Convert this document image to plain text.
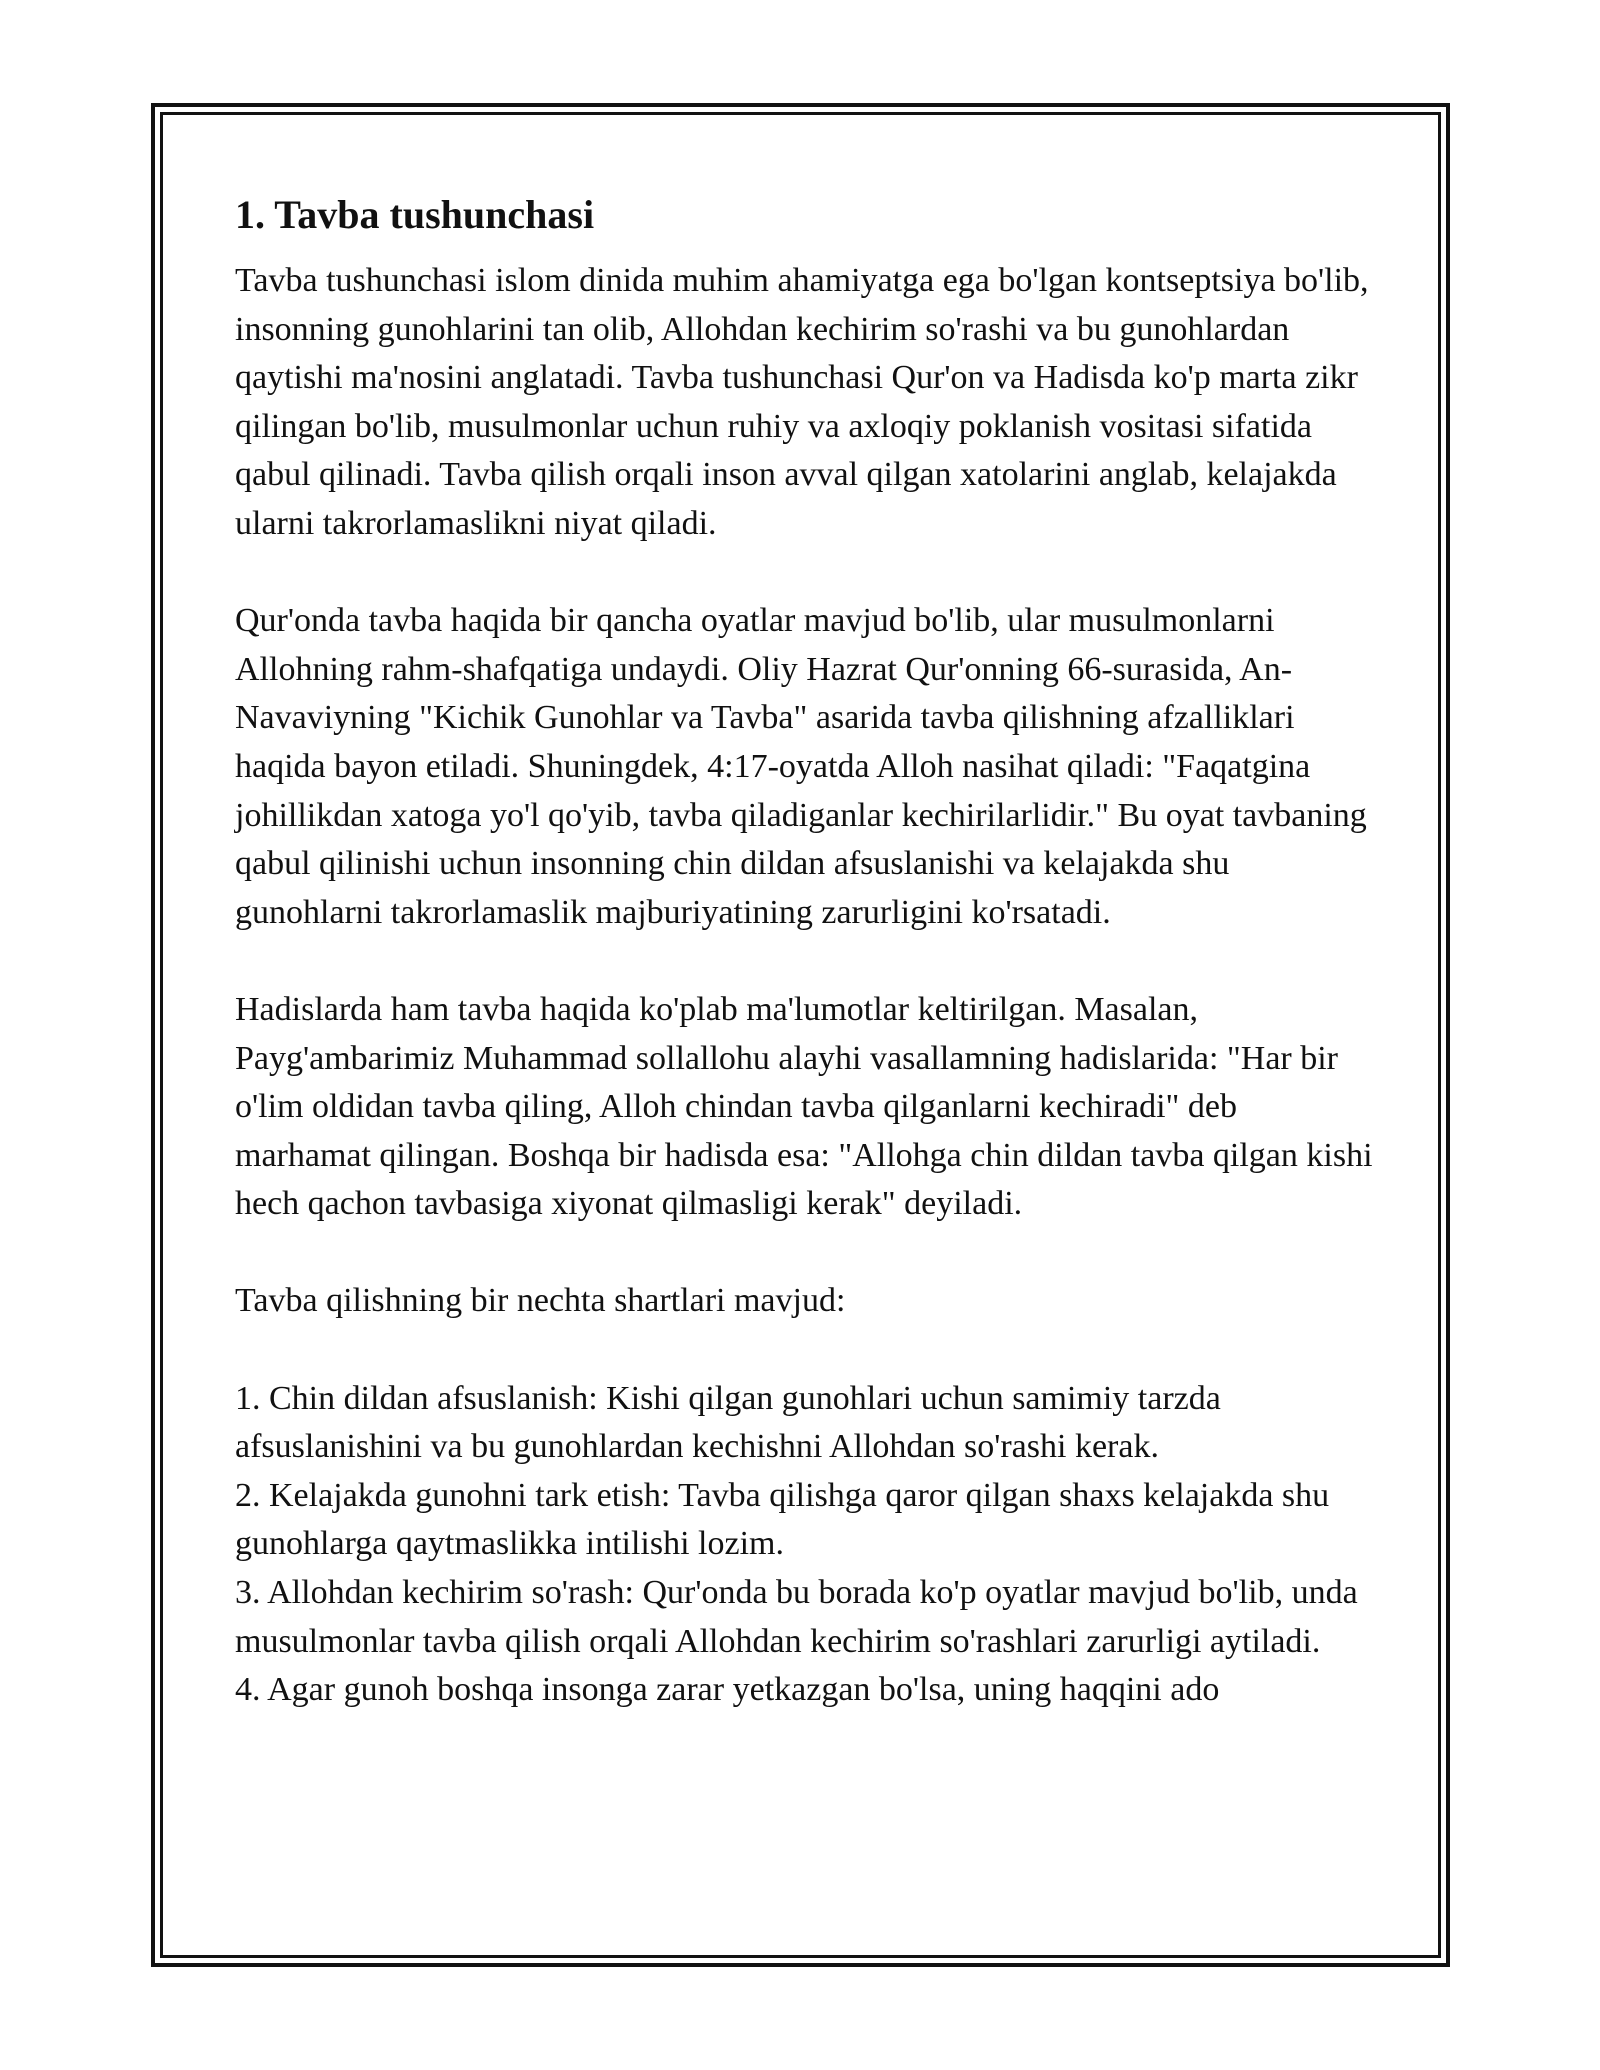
1. Tavba tushunchasi

Tavba tushunchasi islom dinida muhim ahamiyatga ega bo'lgan kontseptsiya bo'lib, insonning gunohlarini tan olib, Allohdan kechirim so'rashi va bu gunohlardan qaytishi ma'nosini anglatadi. Tavba tushunchasi Qur'on va Hadisda ko'p marta zikr qilingan bo'lib, musulmonlar uchun ruhiy va axloqiy poklanish vositasi sifatida qabul qilinadi. Tavba qilish orqali inson avval qilgan xatolarini anglab, kelajakda ularni takrorlamaslikni niyat qiladi.

Qur'onda tavba haqida bir qancha oyatlar mavjud bo'lib, ular musulmonlarni Allohning rahm-shafqatiga undaydi. Oliy Hazrat Qur'onning 66-surasida, An-Navaviyning "Kichik Gunohlar va Tavba" asarida tavba qilishning afzalliklari haqida bayon etiladi. Shuningdek, 4:17-oyatda Alloh nasihat qiladi: "Faqatgina johillikdan xatoga yo'l qo'yib, tavba qiladiganlar kechirilarlidir." Bu oyat tavbaning qabul qilinishi uchun insonning chin dildan afsuslanishi va kelajakda shu gunohlarni takrorlamaslik majburiyatining zarurligini ko'rsatadi.

Hadislarda ham tavba haqida ko'plab ma'lumotlar keltirilgan. Masalan, Payg'ambarimiz Muhammad sollallohu alayhi vasallamning hadislarida: "Har bir o'lim oldidan tavba qiling, Alloh chindan tavba qilganlarni kechiradi" deb marhamat qilingan. Boshqa bir hadisda esa: "Allohga chin dildan tavba qilgan kishi hech qachon tavbasiga xiyonat qilmasligi kerak" deyiladi.

Tavba qilishning bir nechta shartlari mavjud:

1. Chin dildan afsuslanish: Kishi qilgan gunohlari uchun samimiy tarzda afsuslanishini va bu gunohlardan kechishni Allohdan so'rashi kerak.
2. Kelajakda gunohni tark etish: Tavba qilishga qaror qilgan shaxs kelajakda shu gunohlarga qaytmaslikka intilishi lozim.
3. Allohdan kechirim so'rash: Qur'onda bu borada ko'p oyatlar mavjud bo'lib, unda musulmonlar tavba qilish orqali Allohdan kechirim so'rashlari zarurligi aytiladi.
4. Agar gunoh boshqa insonga zarar yetkazgan bo'lsa, uning haqqini ado
